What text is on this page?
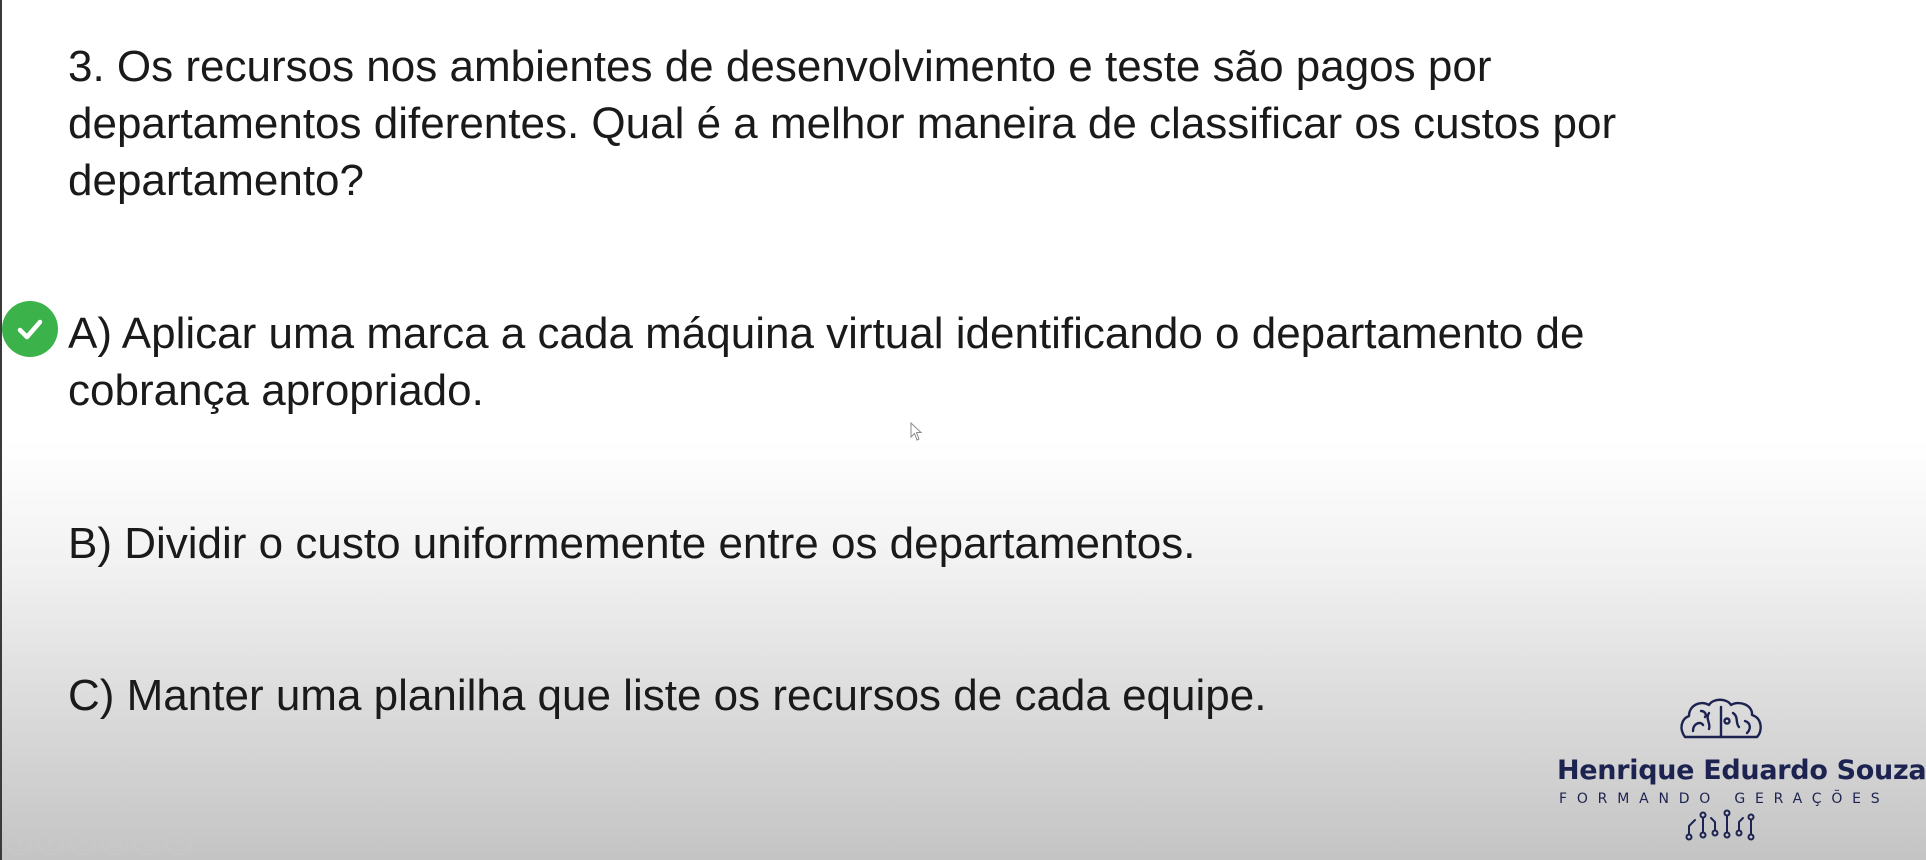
3. Os recursos nos ambientes de desenvolvimento e teste são pagos por departamentos diferentes. Qual é a melhor maneira de classificar os custos por departamento?

A) Aplicar uma marca a cada máquina virtual identificando o departamento de cobrança apropriado.
B) Dividir o custo uniformemente entre os departamentos.
C) Manter uma planilha que liste os recursos de cada equipe.
Henrique Eduardo Souza
FORMANDO GERAÇÕES
